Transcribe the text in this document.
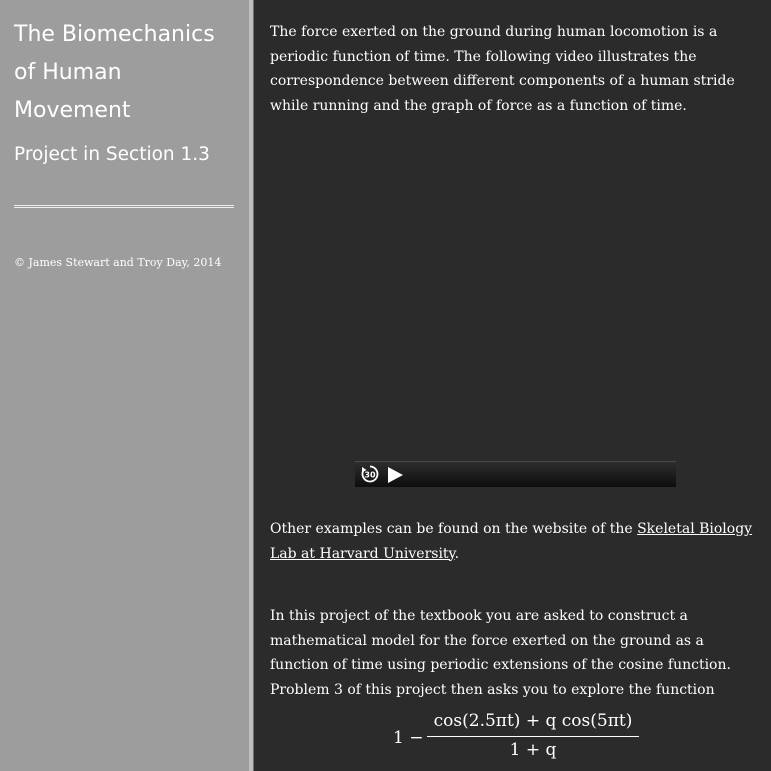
The Biomechanics
of Human
Movement
Project in Section 1.3
© James Stewart and Troy Day, 2014

The force exerted on the ground during human locomotion is a periodic function of time. The following video illustrates the correspondence between different components of a human stride while running and the graph of force as a function of time.

30

Other examples can be found on the website of the Skeletal Biology Lab at Harvard University.

In this project of the textbook you are asked to construct a mathematical model for the force exerted on the ground as a function of time using periodic extensions of the cosine function. Problem 3 of this project then asks you to explore the function

$1 - \frac{\text{cos(2.5πt) + q cos(5πt)}}{1 + q}$
